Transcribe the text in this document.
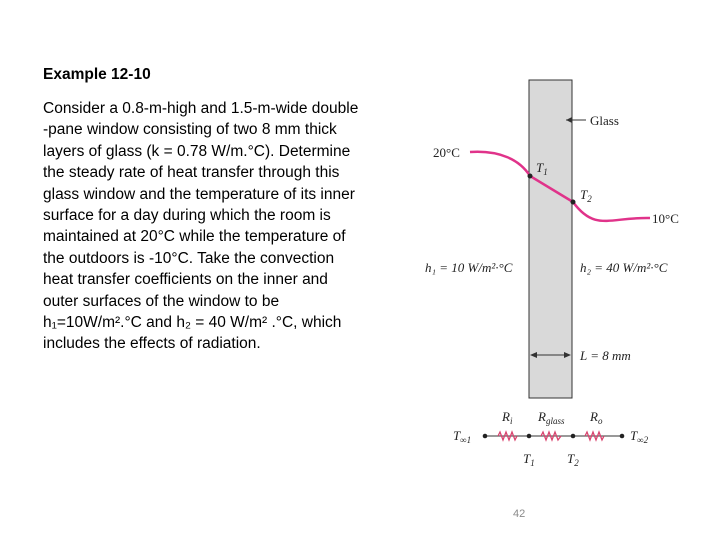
Example 12-10
Consider a 0.8-m-high and 1.5-m-wide double
-pane window consisting of two 8 mm thick
layers of glass (k = 0.78 W/m.°C). Determine
the steady rate of heat transfer through this
glass window and the temperature of its inner
surface for a day during which the room is
maintained at 20°C while the temperature of
the outdoors is -10°C. Take the convection
heat transfer coefficients on the inner and
outer surfaces of the window to be
h₁=10W/m².°C and h₂ = 40 W/m² .°C, which
includes the effects of radiation.
Glass
20°C
10°C
$T_1$
$T_2$
h₁ = 10 W/m²·°C	h₂ = 40 W/m²·°C
L = 8 mm
$R_i$ $R_{glass}$ $R_o$
$T_{\infty 1}$	$T_{\infty 2}$
$T_1$ $T_2$
42
